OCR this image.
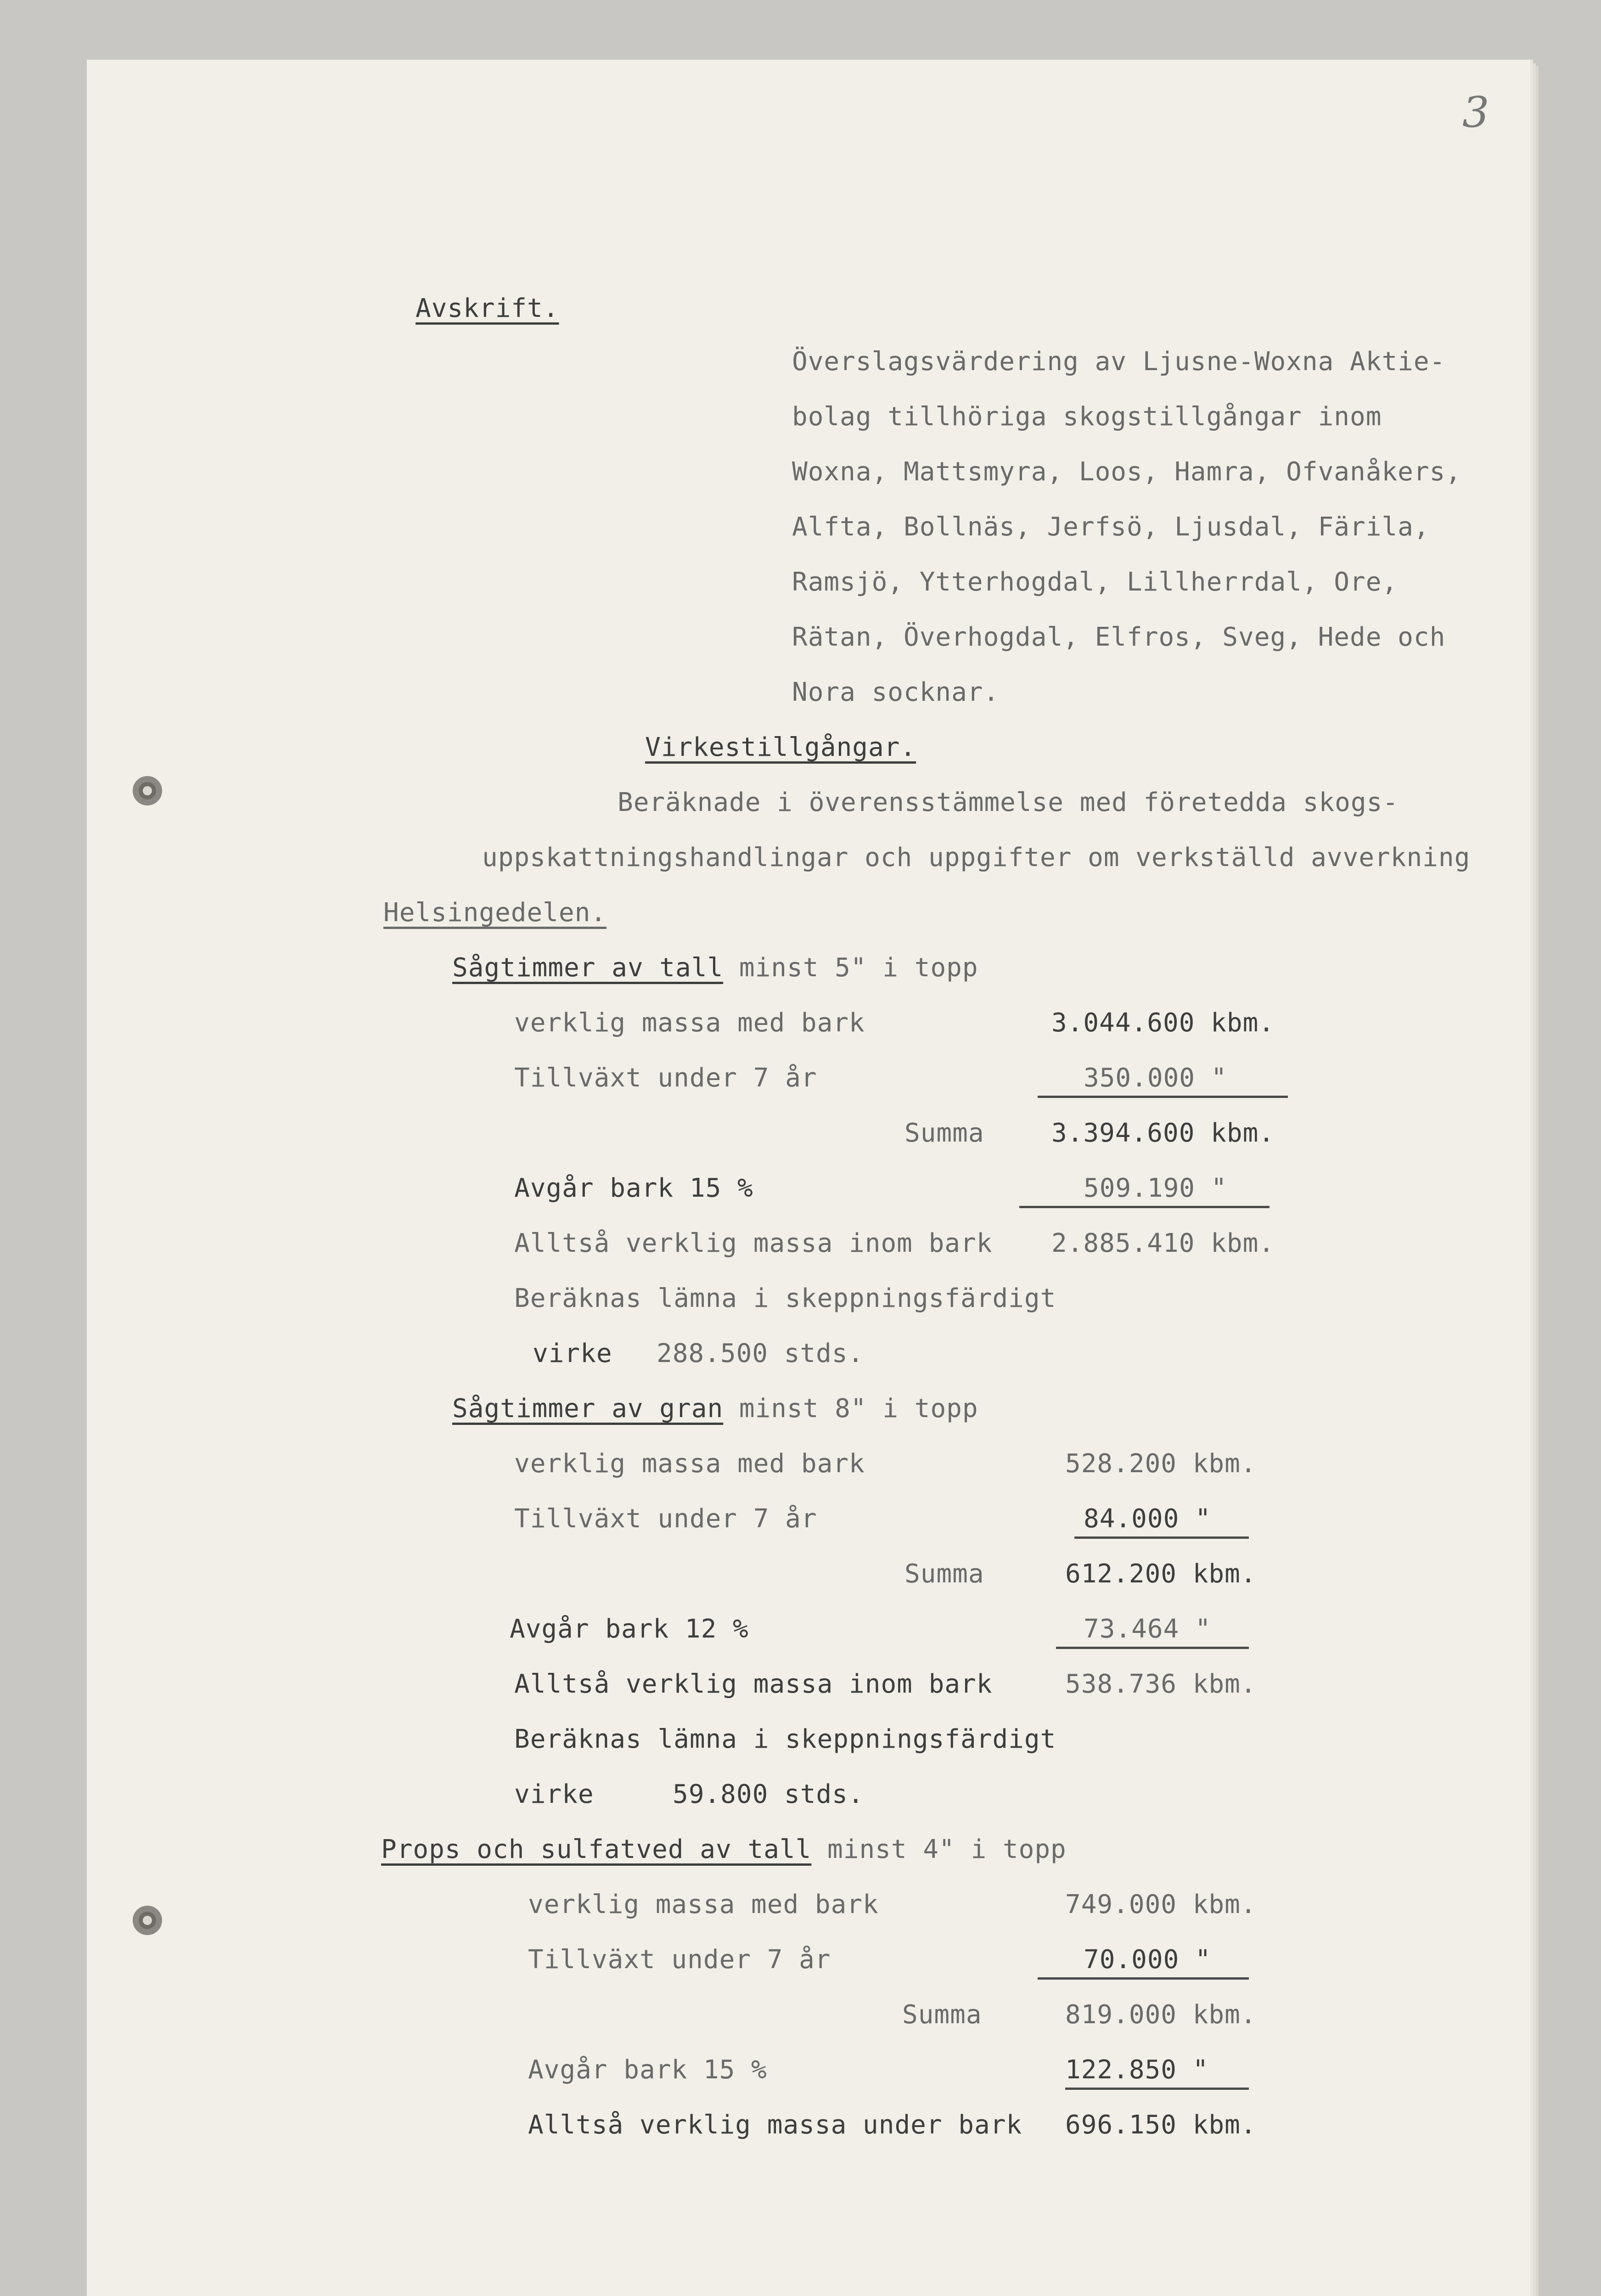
3
Avskrift.
Överslagsvärdering av Ljusne-Woxna Aktie-
bolag tillhöriga skogstillgångar inom
Woxna, Mattsmyra, Loos, Hamra, Ofvanåkers,
Alfta, Bollnäs, Jerfsö, Ljusdal, Färila,
Ramsjö, Ytterhogdal, Lillherrdal, Ore,
Rätan, Överhogdal, Elfros, Sveg, Hede och
Nora socknar.
Virkestillgångar.
Beräknade i överensstämmelse med företedda skogs-
uppskattningshandlingar och uppgifter om verkställd avverkning
Helsingedelen.
Sågtimmer av tall minst 5" i topp
verklig massa med bark	3.044.600 kbm.
Tillväxt under 7 år	350.000 "
Summa	3.394.600 kbm.
Avgår bark 15 %	509.190 "
Alltså verklig massa inom bark 2.885.410 kbm.
Beräknas lämna i skeppningsfärdigt
virke 288.500 stds.
Sågtimmer av gran minst 8" i topp
verklig massa med bark	528.200 kbm.
Tillväxt under 7 år	84.000 "
Summa	612.200 kbm.
Avgår bark 12 %	73.464 "
Alltså verklig massa inom bark	538.736 kbm.
Beräknas lämna i skeppningsfärdigt
virke	59.800 stds.
Props och sulfatved av tall minst 4" i topp
verklig massa med bark	749.000 kbm.
Tillväxt under 7 år	70.000 "
Summa	819.000 kbm.
Avgår bark 15 %	122.850 "
Alltså verklig massa under bark 696.150 kbm.
